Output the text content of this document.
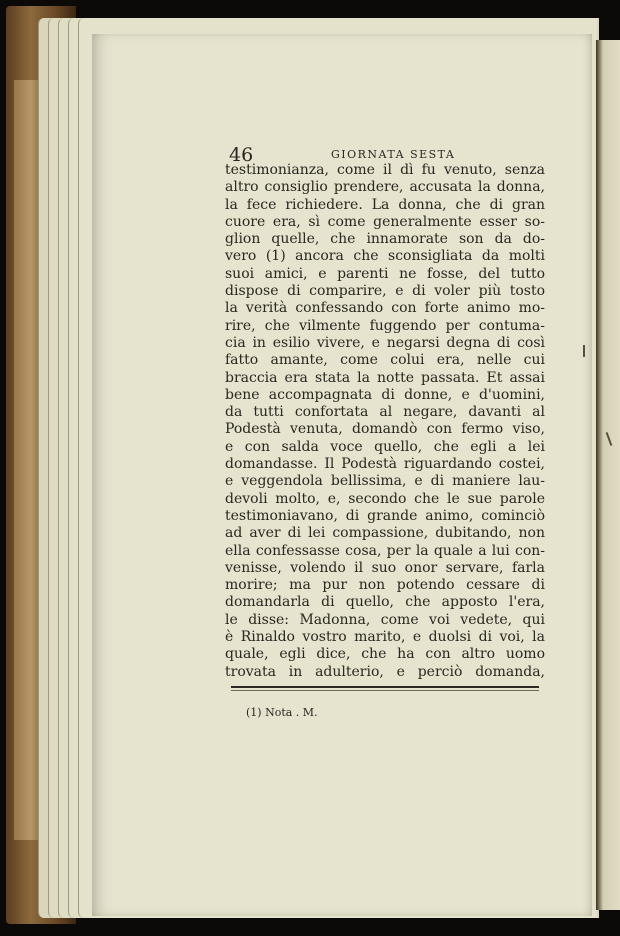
46	GIORNATA SESTA
testimonianza, come il dì fu venuto, senza
altro consiglio prendere, accusata la donna,
la fece richiedere. La donna, che di gran
cuore era, sì come generalmente esser so-
glion quelle, che innamorate son da do-
vero (1) ancora che sconsigliata da molti
suoi amici, e parenti ne fosse, del tutto
dispose di comparire, e di voler più tosto
la verità confessando con forte animo mo-
rire, che vilmente fuggendo per contuma-
cia in esilio vivere, e negarsi degna di così
fatto amante, come colui era, nelle cui
braccia era stata la notte passata. Et assai
bene accompagnata di donne, e d'uomini,
da tutti confortata al negare, davanti al
Podestà venuta, domandò con fermo viso,
e con salda voce quello, che egli a lei
domandasse. Il Podestà riguardando costei,
e veggendola bellissima, e di maniere lau-
devoli molto, e, secondo che le sue parole
testimoniavano, di grande animo, cominciò
ad aver di lei compassione, dubitando, non
ella confessasse cosa, per la quale a lui con-
venisse, volendo il suo onor servare, farla
morire; ma pur non potendo cessare di
domandarla di quello, che apposto l'era,
le disse: Madonna, come voi vedete, qui
è Rinaldo vostro marito, e duolsi di voi, la
quale, egli dice, che ha con altro uomo
trovata in adulterio, e perciò domanda,
(1) Nota . M.
